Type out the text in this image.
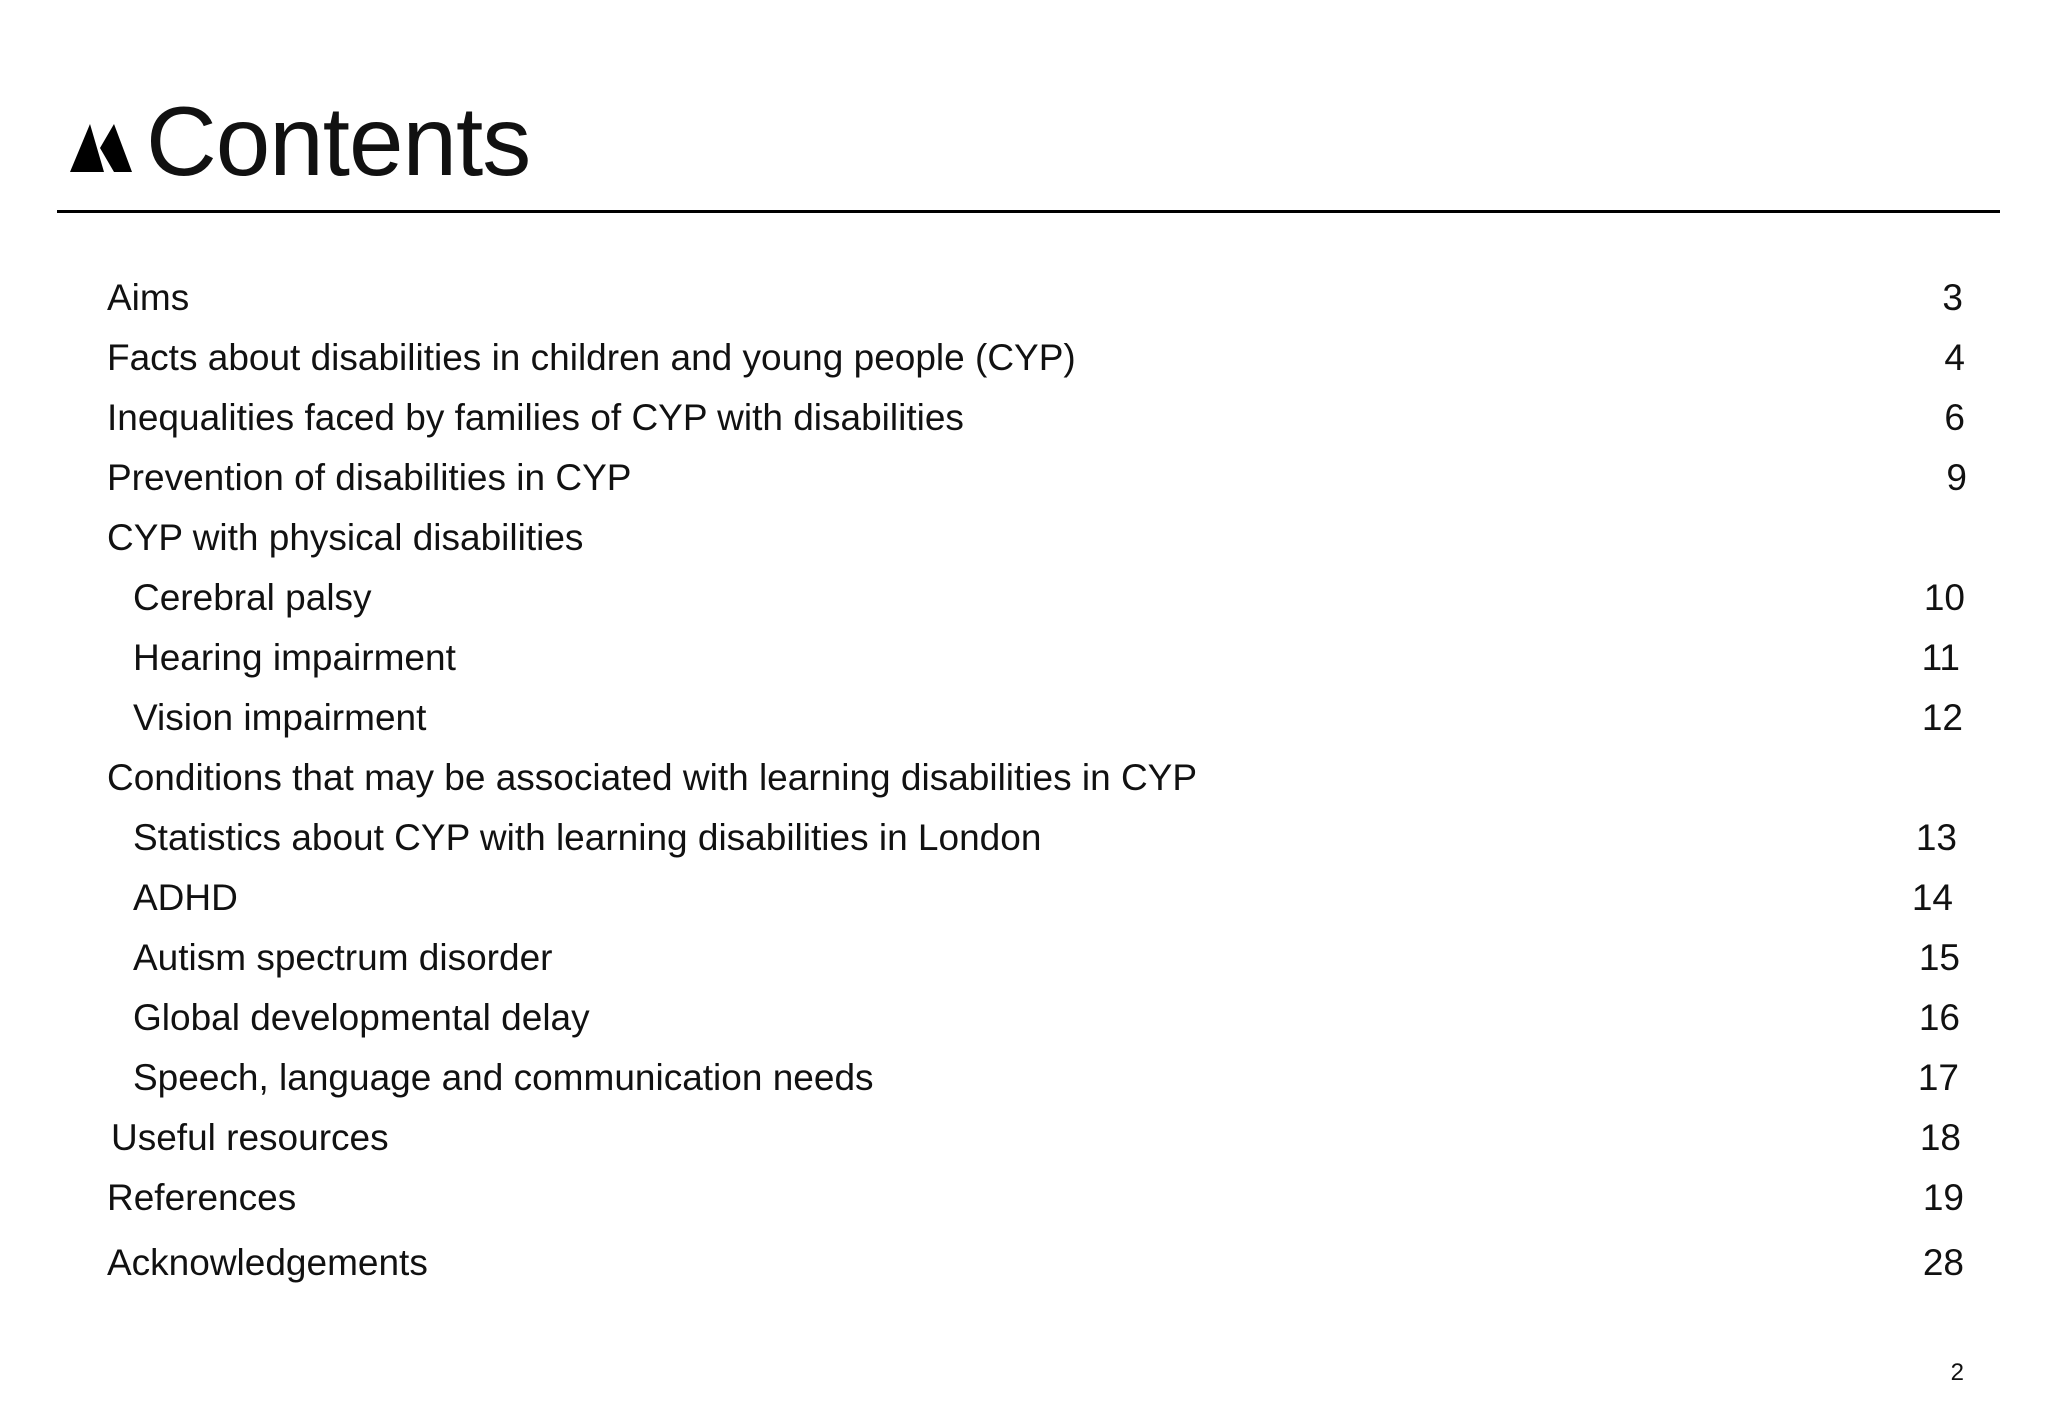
Contents
Aims	3
Facts about disabilities in children and young people (CYP)	4
Inequalities faced by families of CYP with disabilities	6
Prevention of disabilities in CYP	9
CYP with physical disabilities
Cerebral palsy	10
Hearing impairment	11
Vision impairment	12
Conditions that may be associated with learning disabilities in CYP
Statistics about CYP with learning disabilities in London	13
ADHD	14
Autism spectrum disorder	15
Global developmental delay	16
Speech, language and communication needs	17
Useful resources	18
References	19
Acknowledgements	28
2
